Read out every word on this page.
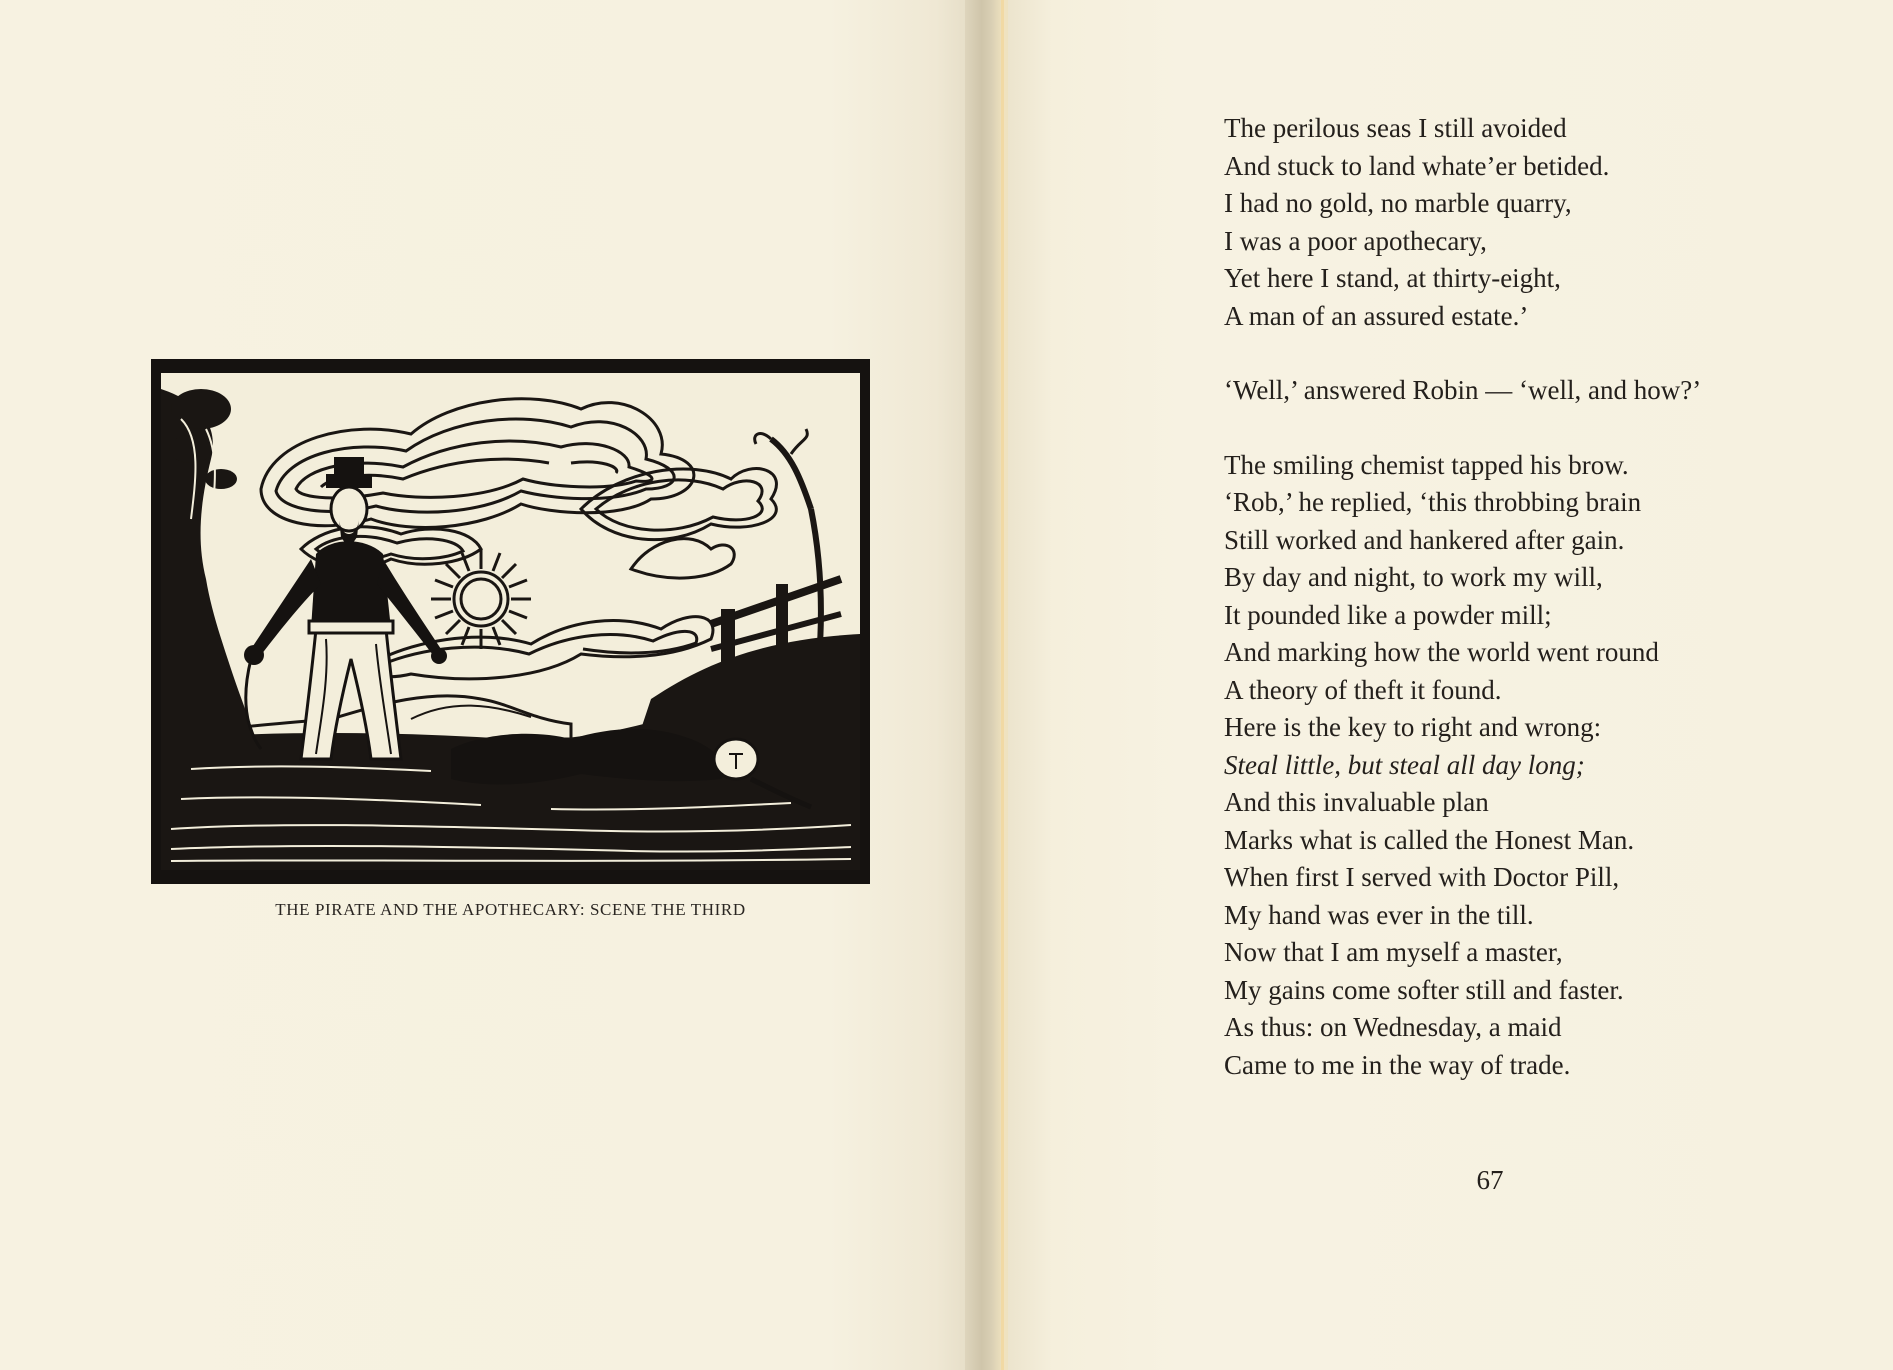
THE PIRATE AND THE APOTHECARY: SCENE THE THIRD
The perilous seas I still avoided
And stuck to land whate’er betided.
I had no gold, no marble quarry,
I was a poor apothecary,
Yet here I stand, at thirty-eight,
A man of an assured estate.’
‘Well,’ answered Robin — ‘well, and how?’
The smiling chemist tapped his brow.
‘Rob,’ he replied, ‘this throbbing brain
Still worked and hankered after gain.
By day and night, to work my will,
It pounded like a powder mill;
And marking how the world went round
A theory of theft it found.
Here is the key to right and wrong:
Steal little, but steal all day long;
And this invaluable plan
Marks what is called the Honest Man.
When first I served with Doctor Pill,
My hand was ever in the till.
Now that I am myself a master,
My gains come softer still and faster.
As thus: on Wednesday, a maid
Came to me in the way of trade.
67
